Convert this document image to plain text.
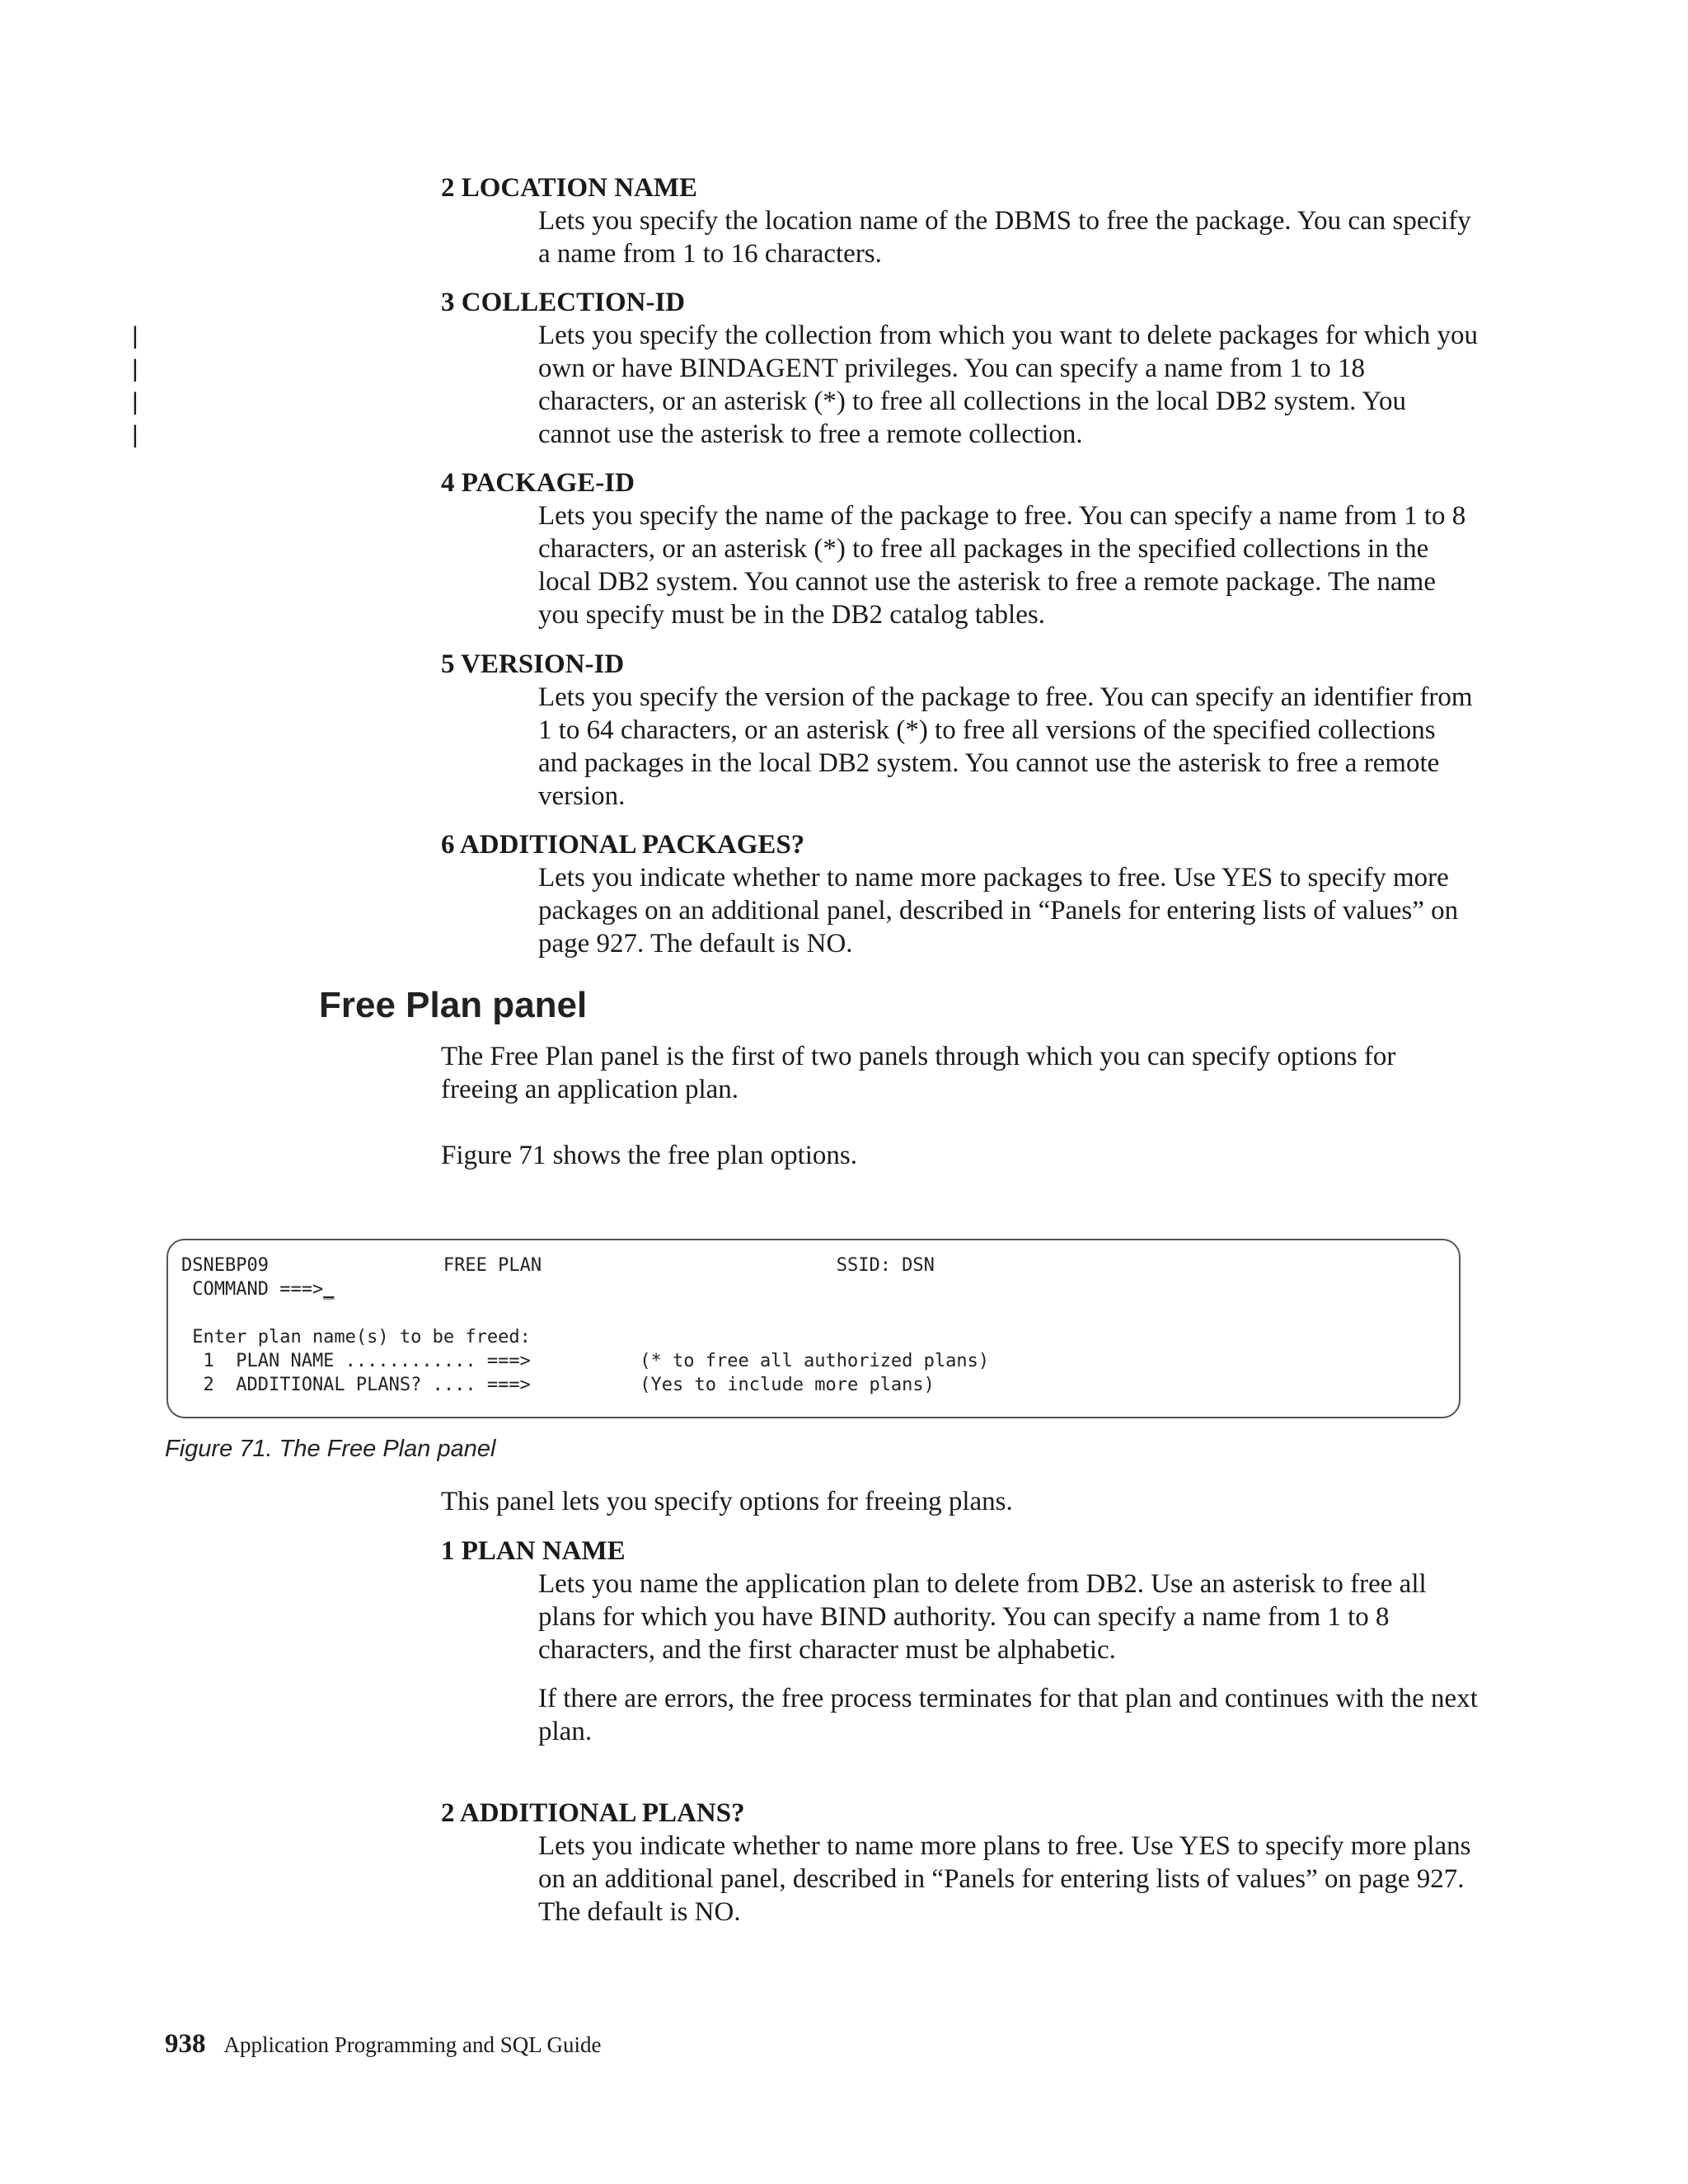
2 LOCATION NAME

Lets you specify the location name of the DBMS to free the package. You can specify a name from 1 to 16 characters.

3 COLLECTION-ID

Lets you specify the collection from which you want to delete packages for which you own or have BINDAGENT privileges. You can specify a name from 1 to 18 characters, or an asterisk (*) to free all collections in the local DB2 system. You cannot use the asterisk to free a remote collection.

|
|
|
|

4 PACKAGE-ID

Lets you specify the name of the package to free. You can specify a name from 1 to 8 characters, or an asterisk (*) to free all packages in the specified collections in the local DB2 system. You cannot use the asterisk to free a remote package. The name you specify must be in the DB2 catalog tables.

5 VERSION-ID

Lets you specify the version of the package to free. You can specify an identifier from 1 to 64 characters, or an asterisk (*) to free all versions of the specified collections and packages in the local DB2 system. You cannot use the asterisk to free a remote version.

6 ADDITIONAL PACKAGES?

Lets you indicate whether to name more packages to free. Use YES to specify more packages on an additional panel, described in “Panels for entering lists of values” on page 927. The default is NO.

Free Plan panel

The Free Plan panel is the first of two panels through which you can specify options for freeing an application plan.

Figure 71 shows the free plan options.

DSNEBP09                FREE PLAN                           SSID: DSN
COMMAND ===>_
Enter plan name(s) to be freed:
1  PLAN NAME ............ ===>          (* to free all authorized plans)
2  ADDITIONAL PLANS? .... ===>          (Yes to include more plans)

Figure 71. The Free Plan panel

This panel lets you specify options for freeing plans.

1 PLAN NAME

Lets you name the application plan to delete from DB2. Use an asterisk to free all plans for which you have BIND authority. You can specify a name from 1 to 8 characters, and the first character must be alphabetic.

If there are errors, the free process terminates for that plan and continues with the next plan.

2 ADDITIONAL PLANS?

Lets you indicate whether to name more plans to free. Use YES to specify more plans on an additional panel, described in “Panels for entering lists of values” on page 927. The default is NO.

938 Application Programming and SQL Guide
